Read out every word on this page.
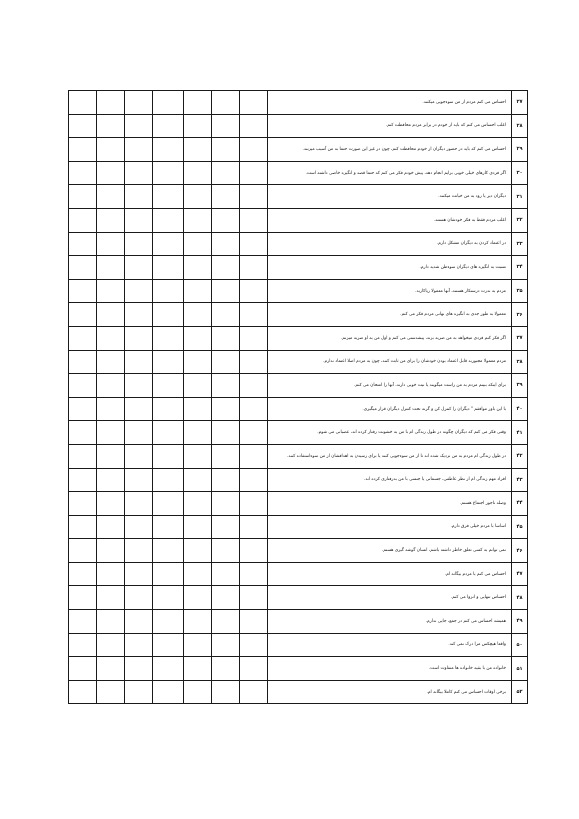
							احساس می کنم مردم از من سوءجویی میکنند.	۲۷
							اغلب احساس می کنم که باید از خودم در برابر مردم محافظت کنم.	۲۸
							احساس می کنم که باید در حضور دیگران از خودم محافظت کنم، چون در غیر این صورت حتما به من آسیب میزنند.	۲۹
							اگر فردی کارهای خیلی خوبی برایم انجام دهد، پیش خودم فکر می کنم که حتما قصد و انگیزه خاصی داشته است.	۳۰
							دیگران دیر یا زود به من خیانت میکنند.	۳۱
							اغلب مردم فقط به فکر خودشان هستند.	۳۲
							در اعتماد کردن به دیگران مشکل دارم.	۳۳
							نسبت به انگیزه های دیگران سوءظن شدید دارم.	۳۴
							مردم به ندرت درستکار هستند، آنها معمولا ریاکارند.	۳۵
							معمولا به طور جدی به انگیزه های نهانی مردم فکر می کنم.	۳۶
							اگر فکر کنم فردی میخواهد به من ضربه بزند، پیشدستی می کنم و اول من به او ضربه میزنم.	۳۷
							مردم معمولا مجبورند قابل اعتماد بودن خودشان را برای من ثابت کنند، چون به مردم اصلا اعتماد ندارم.	۳۸
							برای اینکه ببینم مردم به من راست میگویند یا نیت خوبی دارند، آنها را امتحان می کنم.	۳۹
							با این باور موافقم " دیگران را کنترل کن و گرنه تحت کنترل دیگران قرار میگیری.	۴۰
							وقتی فکر می کنم که دیگران چگونه در طول زندگی ام با من به خشونت رفتار کرده اند، عصبانی می شوم.	۴۱
							در طول زندگی ام مردم به من نزدیک شده اند تا از من سوءجویی کنند یا برای رسیدن به اهدافشان از من سوءاستفاده کنند.	۴۲
							افراد مهم زندگی ام از نظر عاطفی، جسمانی یا جنسی با من بدرفتاری کرده اند.	۴۳
							وصله ناجور اجتماع هستم.	۴۴
							اساسا با مردم خیلی فرق دارم.	۴۵
							نمی توانم به کسی تعلق خاطر داشته باشم، انسان گوشه گیری هستم.	۴۶
							احساس می کنم با مردم بیگانه ام.	۴۷
							احساس تنهایی و انزوا می کنم.	۴۸
							همیشه احساس می کنم در جمع، جایی ندارم.	۴۹
							واقعا هیچکس مرا درک نمی کند.	۵۰
							خانواده من با بقیه خانواده ها متفاوت است.	۵۱
							برخی اوقات احساس می کنم کاملا بیگانه ام.	۵۲
